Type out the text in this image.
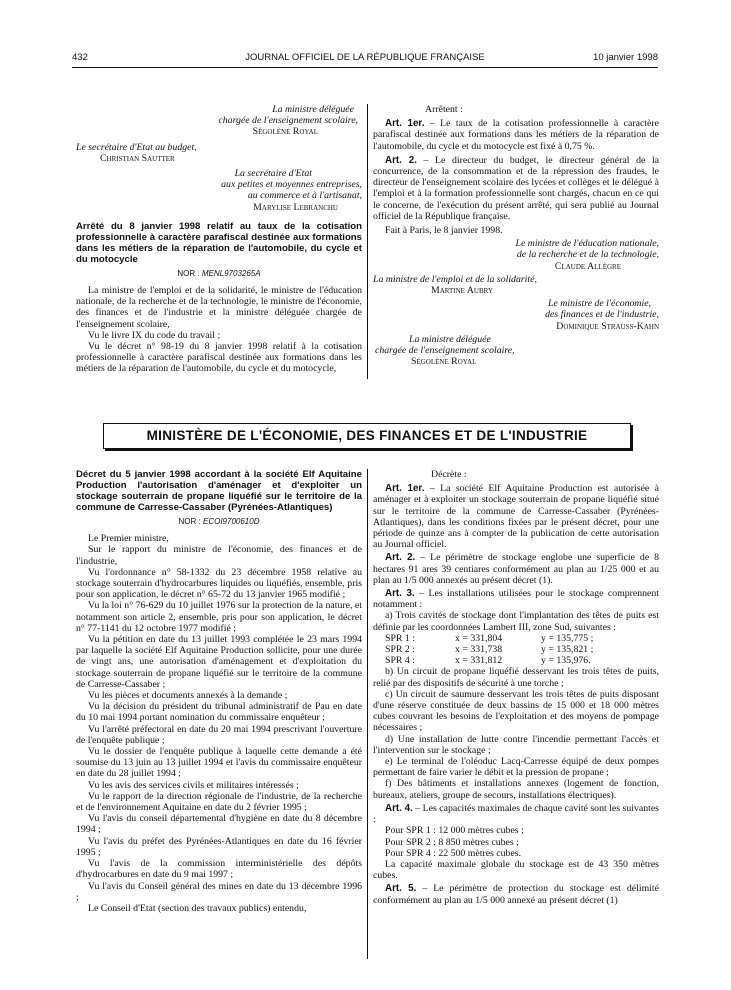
432	JOURNAL OFFICIEL DE LA RÉPUBLIQUE FRANÇAISE	10 janvier 1998

La ministre déléguée

chargée de l'enseignement scolaire,

Ségolène Royal

Le secrétaire d'Etat au budget,

Christian Sautter

La secrétaire d'Etat

aux petites et moyennes entreprises,

au commerce et à l'artisanat,

Marylise Lebranchu

Arrêté du 8 janvier 1998 relatif au taux de la cotisation professionnelle à caractère parafiscal destinée aux formations dans les métiers de la réparation de l'automobile, du cycle et du motocycle

NOR : MENL9703265A

La ministre de l'emploi et de la solidarité, le ministre de l'éducation nationale, de la recherche et de la technologie, le ministre de l'économie, des finances et de l'industrie et la ministre déléguée chargée de l'enseignement scolaire,

Vu le livre IX du code du travail ;

Vu le décret n° 98-19 du 8 janvier 1998 relatif à la cotisation professionnelle à caractère parafiscal destinée aux formations dans les métiers de la réparation de l'automobile, du cycle et du motocycle,

Arrêtent :

Art. 1er. – Le taux de la cotisation professionnelle à caractère parafiscal destinée aux formations dans les métiers de la réparation de l'automobile, du cycle et du motocycle est fixé à 0,75 %.

Art. 2. – Le directeur du budget, le directeur général de la concurrence, de la consommation et de la répression des fraudes, le directeur de l'enseignement scolaire des lycées et collèges et le délégué à l'emploi et à la formation professionnelle sont chargés, chacun en ce qui le concerne, de l'exécution du présent arrêté, qui sera publié au Journal officiel de la République française.

Fait à Paris, le 8 janvier 1998.

Le ministre de l'éducation nationale,

de la recherche et de la technologie,

Claude Allègre

La ministre de l'emploi et de la solidarité,

Martine Aubry

Le ministre de l'économie,

des finances et de l'industrie,

Dominique Strauss-Kahn

La ministre déléguée

chargée de l'enseignement scolaire,

Ségolène Royal

MINISTÈRE DE L'ÉCONOMIE, DES FINANCES ET DE L'INDUSTRIE

Décret du 5 janvier 1998 accordant à la société Elf Aquitaine Production l'autorisation d'aménager et d'exploiter un stockage souterrain de propane liquéfié sur le territoire de la commune de Carresse-Cassaber (Pyrénées-Atlantiques)

NOR : ECOI9700610D

Le Premier ministre,

Sur le rapport du ministre de l'économie, des finances et de l'industrie,

Vu l'ordonnance n° 58-1332 du 23 décembre 1958 relative au stockage souterrain d'hydrocarbures liquides ou liquéfiés, ensemble, pris pour son application, le décret n° 65-72 du 13 janvier 1965 modifié ;

Vu la loi n° 76-629 du 10 juillet 1976 sur la protection de la nature, et notamment son article 2, ensemble, pris pour son application, le décret n° 77-1141 du 12 octobre 1977 modifié ;

Vu la pétition en date du 13 juillet 1993 complétée le 23 mars 1994 par laquelle la société Elf Aquitaine Production sollicite, pour une durée de vingt ans, une autorisation d'aménagement et d'exploitation du stockage souterrain de propane liquéfié sur le territoire de la commune de Carresse-Cassaber ;

Vu les pièces et documents annexés à la demande ;

Vu la décision du président du tribunal administratif de Pau en date du 10 mai 1994 portant nomination du commissaire enquêteur ;

Vu l'arrêté préfectoral en date du 20 mai 1994 prescrivant l'ouverture de l'enquête publique ;

Vu le dossier de l'enquête publique à laquelle cette demande a été soumise du 13 juin au 13 juillet 1994 et l'avis du commissaire enquêteur en date du 28 juillet 1994 ;

Vu les avis des services civils et militaires intéressés ;

Vu le rapport de la direction régionale de l'industrie, de la recherche et de l'environnement Aquitaine en date du 2 février 1995 ;

Vu l'avis du conseil départemental d'hygiène en date du 8 décembre 1994 ;

Vu l'avis du préfet des Pyrénées-Atlantiques en date du 16 février 1995 ;

Vu l'avis de la commission interministérielle des dépôts d'hydrocarbures en date du 9 mai 1997 ;

Vu l'avis du Conseil général des mines en date du 13 décembre 1996 ;

Le Conseil d'Etat (section des travaux publics) entendu,

Décrète :

Art. 1er. – La société Elf Aquitaine Production est autorisée à aménager et à exploiter un stockage souterrain de propane liquéfié situé sur le territoire de la commune de Carresse-Cassaber (Pyrénées-Atlantiques), dans les conditions fixées par le présent décret, pour une période de quinze ans à compter de la publication de cette autorisation au Journal officiel.

Art. 2. – Le périmètre de stockage englobe une superficie de 8 hectares 91 ares 39 centiares conformément au plan au 1/25 000 et au plan au 1/5 000 annexés au présent décret (1).

Art. 3. – Les installations utilisées pour le stockage comprennent notamment :

a) Trois cavités de stockage dont l'implantation des têtes de puits est définie par les coordonnées Lambert III, zone Sud, suivantes :

SPR 1 :	x = 331,804	y = 135,775 ;
SPR 2 :	x = 331,738	y = 135,821 ;
SPR 4 :	x = 331,812	y = 135,976.

b) Un circuit de propane liquéfié desservant les trois têtes de puits, relié par des dispositifs de sécurité à une torche ;

c) Un circuit de saumure desservant les trois têtes de puits disposant d'une réserve constituée de deux bassins de 15 000 et 18 000 mètres cubes couvrant les besoins de l'exploitation et des moyens de pompage nécessaires ;

d) Une installation de lutte contre l'incendie permettant l'accès et l'intervention sur le stockage ;

e) Le terminal de l'oléoduc Lacq-Carresse équipé de deux pompes permettant de faire varier le débit et la pression de propane ;

f) Des bâtiments et installations annexes (logement de fonction, bureaux, ateliers, groupe de secours, installations électriques).

Art. 4. – Les capacités maximales de chaque cavité sont les suivantes :

Pour SPR 1 : 12 000 mètres cubes ;

Pour SPR 2 : 8 850 mètres cubes ;

Pour SPR 4 : 22 500 mètres cubes.

La capacité maximale globale du stockage est de 43 350 mètres cubes.

Art. 5. – Le périmètre de protection du stockage est délimité conformément au plan au 1/5 000 annexé au présent décret (1)
